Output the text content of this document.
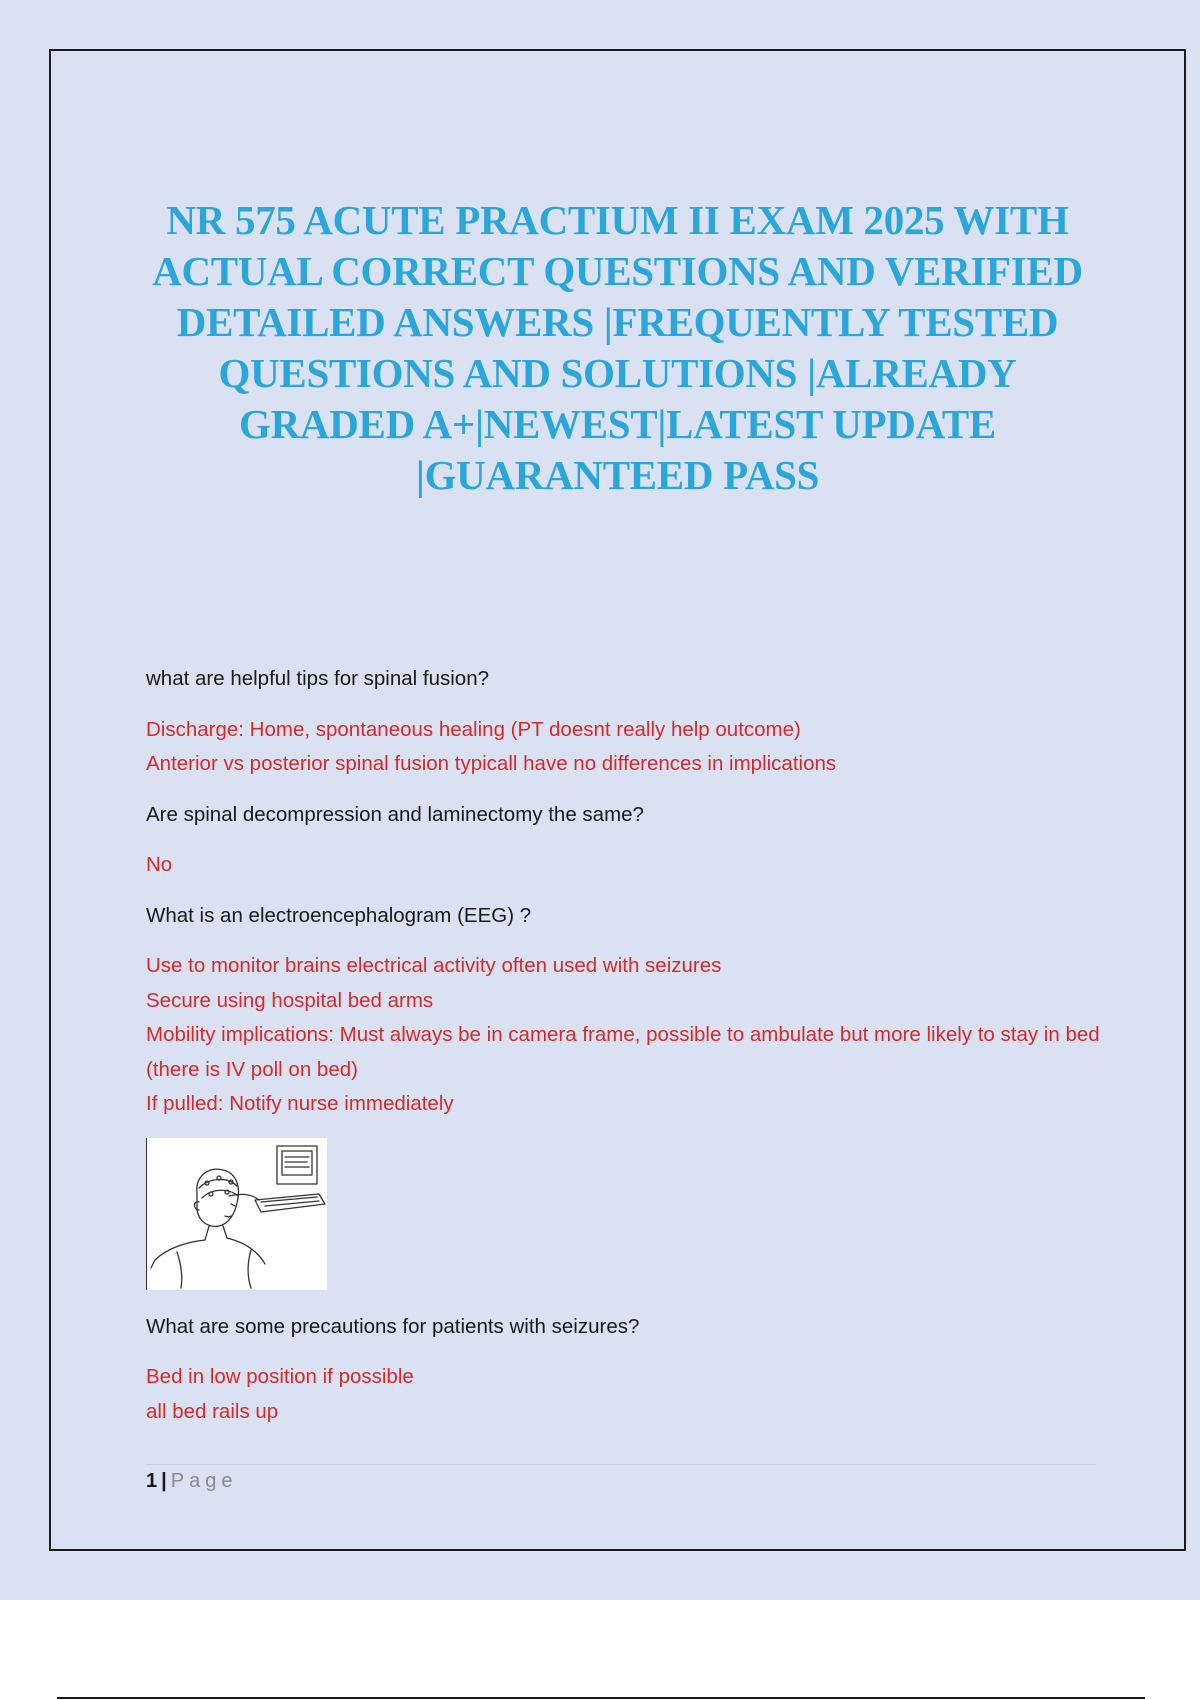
NR 575 ACUTE PRACTIUM II EXAM 2025 WITH ACTUAL CORRECT QUESTIONS AND VERIFIED DETAILED ANSWERS |FREQUENTLY TESTED QUESTIONS AND SOLUTIONS |ALREADY GRADED A+|NEWEST|LATEST UPDATE |GUARANTEED PASS
what are helpful tips for spinal fusion?
Discharge: Home, spontaneous healing (PT doesnt really help outcome)
Anterior vs posterior spinal fusion typicall have no differences in implications
Are spinal decompression and laminectomy the same?
No
What is an electroencephalogram (EEG) ?
Use to monitor brains electrical activity often used with seizures
Secure using hospital bed arms
Mobility implications: Must always be in camera frame, possible to ambulate but more likely to stay in bed (there is IV poll on bed)
If pulled: Notify nurse immediately
What are some precautions for patients with seizures?
Bed in low position if possible
all bed rails up
1 | Page
